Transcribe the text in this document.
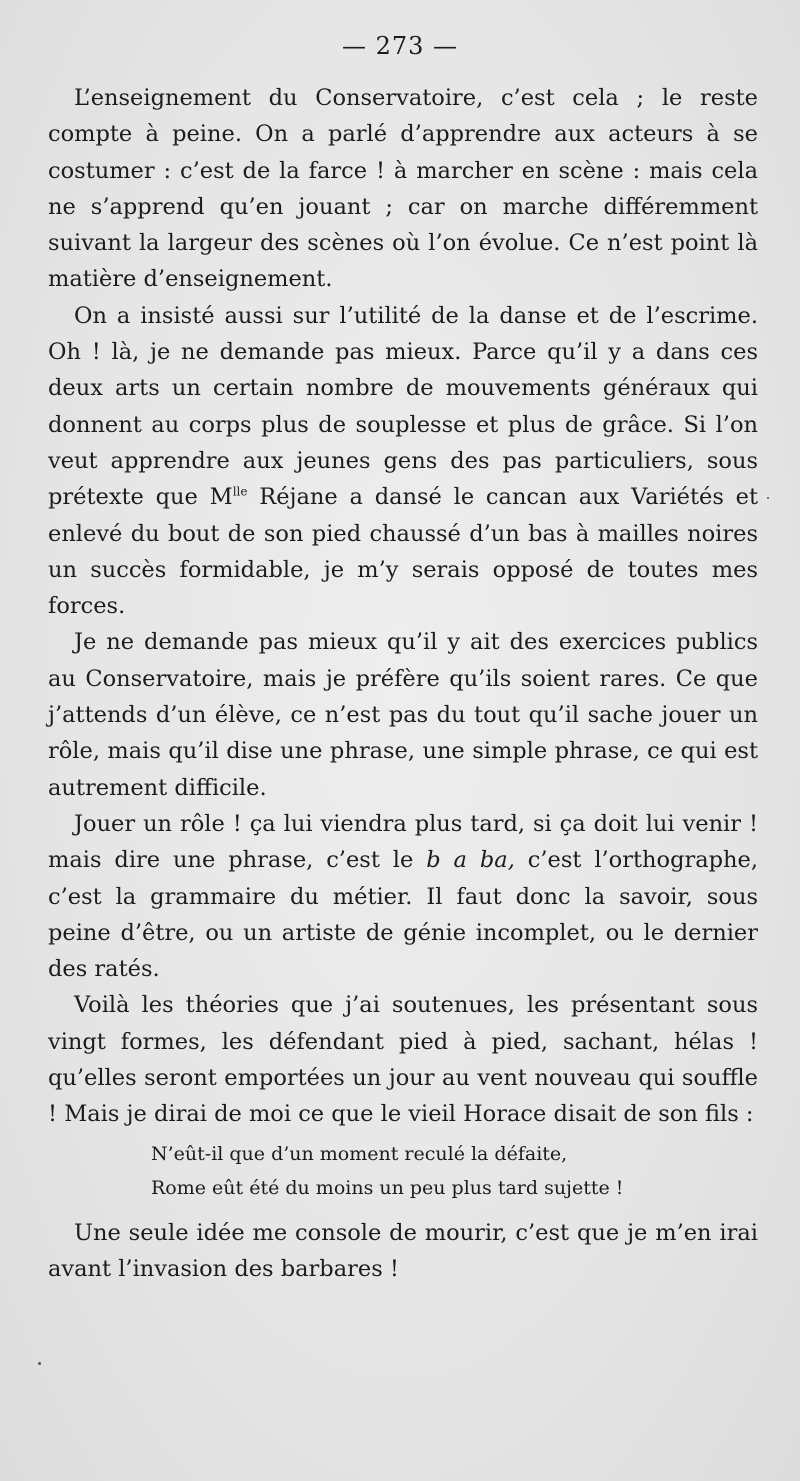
— 273 —

L’enseignement du Conservatoire, c’est cela ; le reste compte à peine. On a parlé d’apprendre aux acteurs à se costumer : c’est de la farce ! à marcher en scène : mais cela ne s’apprend qu’en jouant ; car on marche différemment suivant la largeur des scènes où l’on évolue. Ce n’est point là matière d’enseignement.

On a insisté aussi sur l’utilité de la danse et de l’escrime. Oh ! là, je ne demande pas mieux. Parce qu’il y a dans ces deux arts un certain nombre de mouvements généraux qui donnent au corps plus de souplesse et plus de grâce. Si l’on veut apprendre aux jeunes gens des pas particuliers, sous prétexte que $M^{lle}$ Réjane a dansé le cancan aux Variétés et enlevé du bout de son pied chaussé d’un bas à mailles noires un succès formidable, je m’y serais opposé de toutes mes forces.

Je ne demande pas mieux qu’il y ait des exercices publics au Conservatoire, mais je préfère qu’ils soient rares. Ce que j’attends d’un élève, ce n’est pas du tout qu’il sache jouer un rôle, mais qu’il dise une phrase, une simple phrase, ce qui est autrement difficile.

Jouer un rôle ! ça lui viendra plus tard, si ça doit lui venir ! mais dire une phrase, c’est le b a ba, c’est l’orthographe, c’est la grammaire du métier. Il faut donc la savoir, sous peine d’être, ou un artiste de génie incomplet, ou le dernier des ratés.

Voilà les théories que j’ai soutenues, les présentant sous vingt formes, les défendant pied à pied, sachant, hélas ! qu’elles seront emportées un jour au vent nouveau qui souffle ! Mais je dirai de moi ce que le vieil Horace disait de son fils :

N’eût-il que d’un moment reculé la défaite,
Rome eût été du moins un peu plus tard sujette !

Une seule idée me console de mourir, c’est que je m’en irai avant l’invasion des barbares !
